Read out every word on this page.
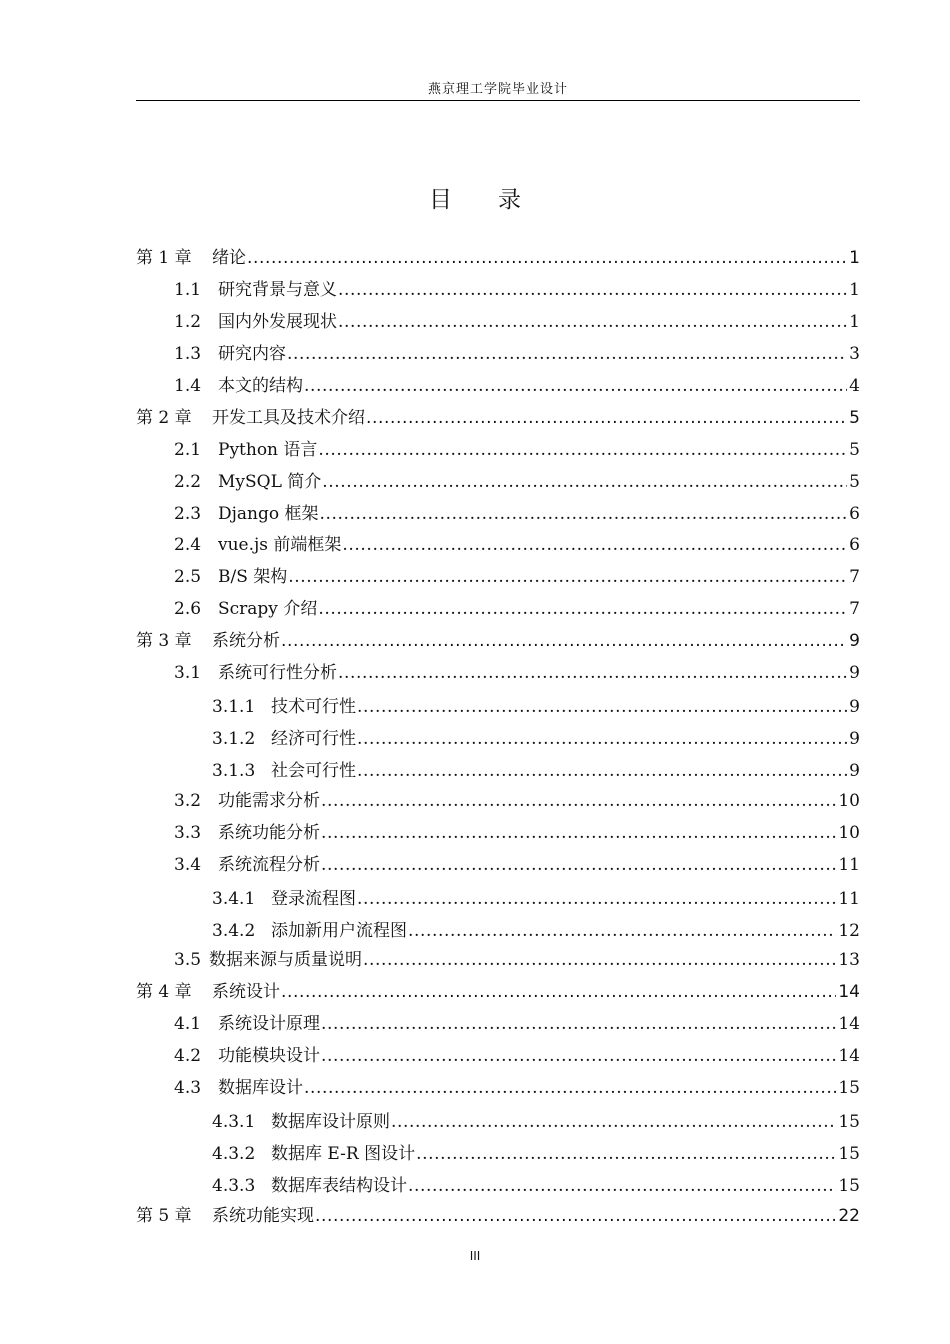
燕京理工学院毕业设计
目 录
第 1 章	绪论 .....	1
1.1 研究背景与意义 .....	1
1.2 国内外发展现状 .....	1
1.3 研究内容 .....	3
1.4 本文的结构 .....	4
第 2 章	开发工具及技术介绍 .....	5
2.1 Python 语言 .....	5
2.2 MySQL 简介 .....	5
2.3 Django 框架 .....	6
2.4 vue.js 前端框架 .....	6
2.5 B/S 架构 .....	7
2.6 Scrapy 介绍 .....	7
第 3 章	系统分析 .....	9
3.1 系统可行性分析 .....	9
3.1.1 技术可行性 .....	9
3.1.2 经济可行性 .....	9
3.1.3 社会可行性 .....	9
3.2 功能需求分析 .....	10
3.3 系统功能分析 .....	10
3.4 系统流程分析 .....	11
3.4.1 登录流程图 .....	11
3.4.2 添加新用户流程图 .....	12
3.5 数据来源与质量说明 .....	13
第 4 章	系统设计 .....	14
4.1 系统设计原理 .....	14
4.2 功能模块设计 .....	14
4.3 数据库设计 .....	15
4.3.1 数据库设计原则 .....	15
4.3.2 数据库 E-R 图设计 .....	15
4.3.3 数据库表结构设计 .....	15
第 5 章	系统功能实现 .....	22
III
